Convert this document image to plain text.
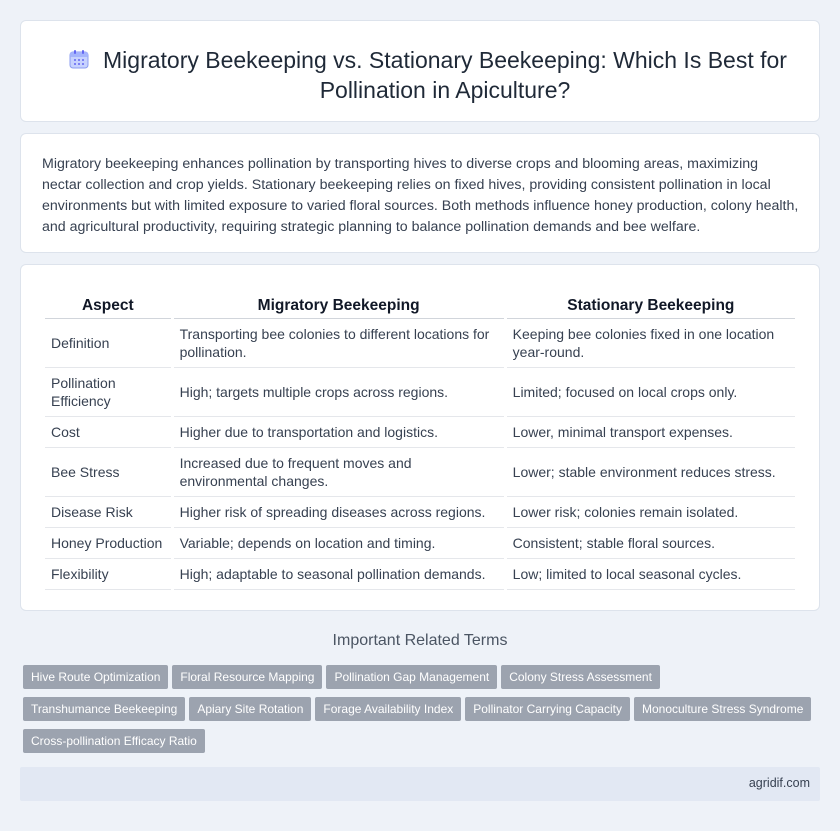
Migratory Beekeeping vs. Stationary Beekeeping: Which Is Best for Pollination in Apiculture?

Migratory beekeeping enhances pollination by transporting hives to diverse crops and blooming areas, maximizing nectar collection and crop yields. Stationary beekeeping relies on fixed hives, providing consistent pollination in local environments but with limited exposure to varied floral sources. Both methods influence honey production, colony health, and agricultural productivity, requiring strategic planning to balance pollination demands and bee welfare.

Aspect	Migratory Beekeeping	Stationary Beekeeping
Definition	Transporting bee colonies to different locations for pollination.	Keeping bee colonies fixed in one location year-round.
Pollination Efficiency	High; targets multiple crops across regions.	Limited; focused on local crops only.
Cost	Higher due to transportation and logistics.	Lower, minimal transport expenses.
Bee Stress	Increased due to frequent moves and environmental changes.	Lower; stable environment reduces stress.
Disease Risk	Higher risk of spreading diseases across regions.	Lower risk; colonies remain isolated.
Honey Production	Variable; depends on location and timing.	Consistent; stable floral sources.
Flexibility	High; adaptable to seasonal pollination demands.	Low; limited to local seasonal cycles.
Important Related Terms
Hive Route Optimization Floral Resource Mapping Pollination Gap Management Colony Stress AssessmentTranshumance Beekeeping Apiary Site Rotation Forage Availability Index Pollinator Carrying Capacity Monoculture Stress SyndromeCross-pollination Efficacy Ratio
agridif.com
